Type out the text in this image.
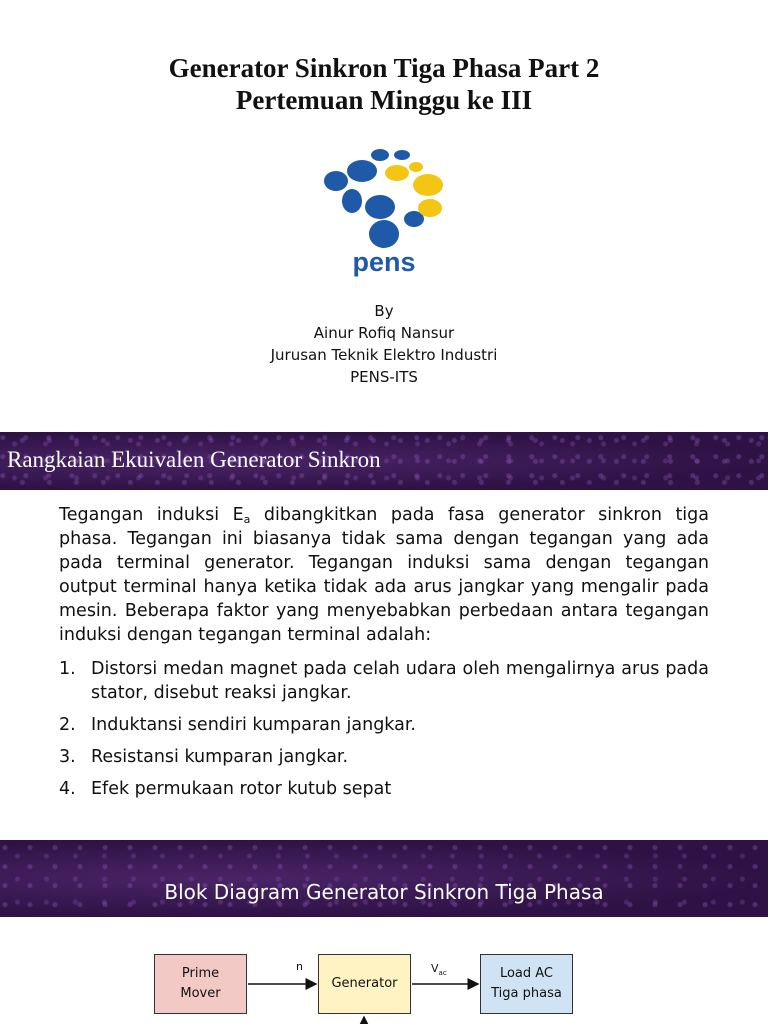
Generator Sinkron Tiga Phasa Part 2
Pertemuan Minggu ke III
pens
By
Ainur Rofiq Nansur
Jurusan Teknik Elektro Industri
PENS-ITS
Rangkaian Ekuivalen Generator Sinkron

Tegangan induksi $E_a$ dibangkitkan pada fasa generator sinkron tiga phasa. Tegangan ini biasanya tidak sama dengan tegangan yang ada pada terminal generator. Tegangan induksi sama dengan tegangan output terminal hanya ketika tidak ada arus jangkar yang mengalir pada mesin. Beberapa faktor yang menyebabkan perbedaan antara tegangan induksi dengan tegangan terminal adalah:

1. Distorsi medan magnet pada celah udara oleh mengalirnya arus pada stator, disebut reaksi jangkar.
2. Induktansi sendiri kumparan jangkar.
3. Resistansi kumparan jangkar.
4. Efek permukaan rotor kutub sepat
Blok Diagram Generator Sinkron Tiga Phasa
Prime
Mover
Generator
Load AC
Tiga phasa
n	$V_{ac}$
